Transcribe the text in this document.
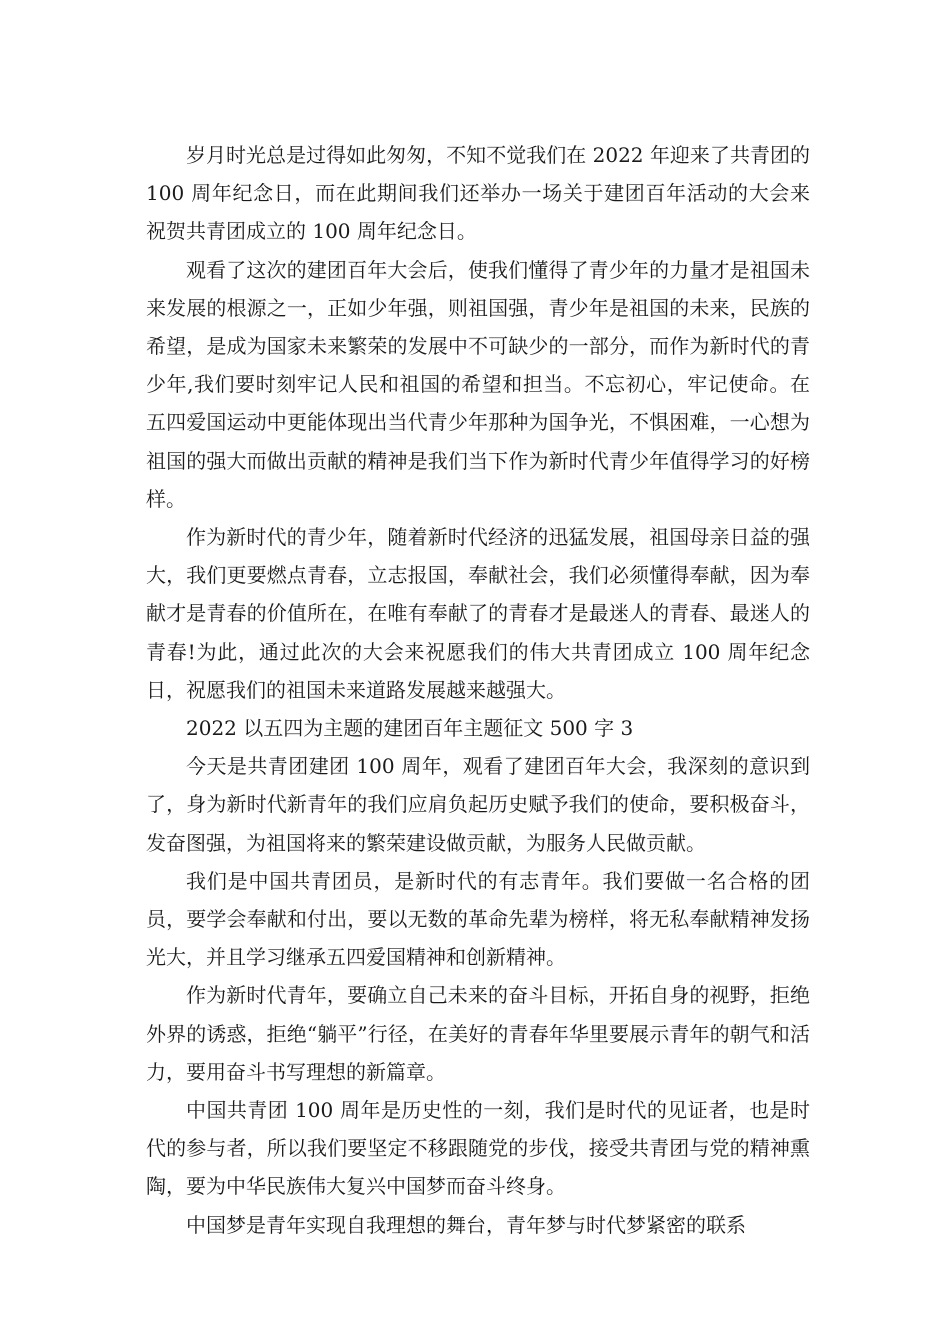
岁月时光总是过得如此匆匆，不知不觉我们在 2022 年迎来了共青团的 100 周年纪念日，而在此期间我们还举办一场关于建团百年活动的大会来祝贺共青团成立的 100 周年纪念日。

观看了这次的建团百年大会后，使我们懂得了青少年的力量才是祖国未来发展的根源之一，正如少年强，则祖国强，青少年是祖国的未来，民族的希望，是成为国家未来繁荣的发展中不可缺少的一部分，而作为新时代的青少年,我们要时刻牢记人民和祖国的希望和担当。不忘初心，牢记使命。在五四爱国运动中更能体现出当代青少年那种为国争光，不惧困难，一心想为祖国的强大而做出贡献的精神是我们当下作为新时代青少年值得学习的好榜样。

作为新时代的青少年，随着新时代经济的迅猛发展，祖国母亲日益的强大，我们更要燃点青春，立志报国，奉献社会，我们必须懂得奉献，因为奉献才是青春的价值所在，在唯有奉献了的青春才是最迷人的青春、最迷人的青春!为此，通过此次的大会来祝愿我们的伟大共青团成立 100 周年纪念日，祝愿我们的祖国未来道路发展越来越强大。

2022 以五四为主题的建团百年主题征文 500 字 3

今天是共青团建团 100 周年，观看了建团百年大会，我深刻的意识到了，身为新时代新青年的我们应肩负起历史赋予我们的使命，要积极奋斗，发奋图强，为祖国将来的繁荣建设做贡献，为服务人民做贡献。

我们是中国共青团员，是新时代的有志青年。我们要做一名合格的团员，要学会奉献和付出，要以无数的革命先辈为榜样，将无私奉献精神发扬光大，并且学习继承五四爱国精神和创新精神。

作为新时代青年，要确立自己未来的奋斗目标，开拓自身的视野，拒绝外界的诱惑，拒绝“躺平”行径，在美好的青春年华里要展示青年的朝气和活力，要用奋斗书写理想的新篇章。

中国共青团 100 周年是历史性的一刻，我们是时代的见证者，也是时代的参与者，所以我们要坚定不移跟随党的步伐，接受共青团与党的精神熏陶，要为中华民族伟大复兴中国梦而奋斗终身。

中国梦是青年实现自我理想的舞台，青年梦与时代梦紧密的联系
